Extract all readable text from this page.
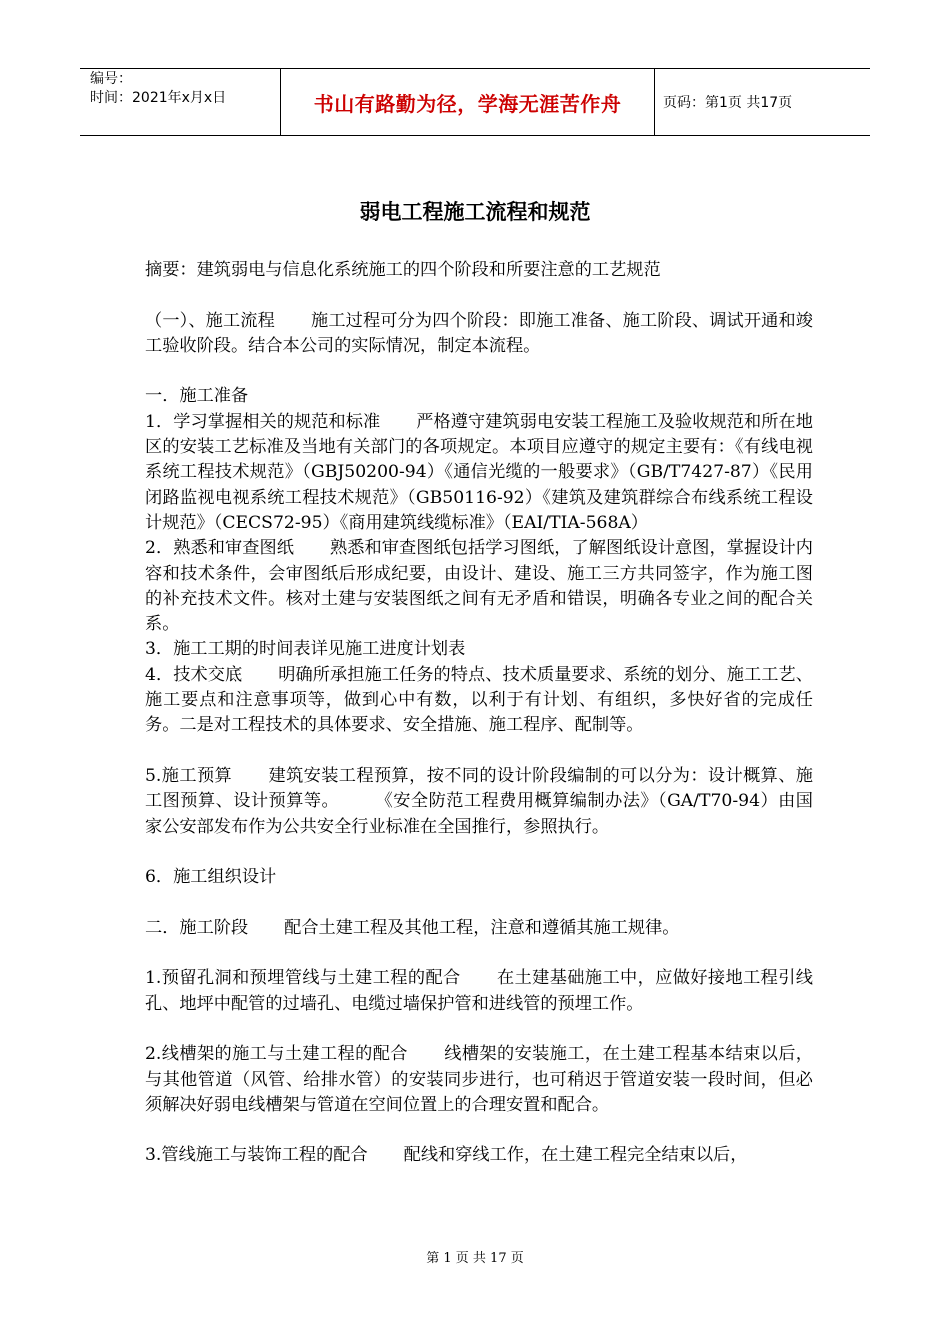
编号：
时间：2021年x月x日	书山有路勤为径，学海无涯苦作舟	页码：第1页 共17页
弱电工程施工流程和规范

摘要：建筑弱电与信息化系统施工的四个阶段和所要注意的工艺规范

（一）、施工流程 施工过程可分为四个阶段：即施工准备、施工阶段、调试开通和竣工验收阶段。结合本公司的实际情况，制定本流程。

一．施工准备

1．学习掌握相关的规范和标准 严格遵守建筑弱电安装工程施工及验收规范和所在地区的安装工艺标准及当地有关部门的各项规定。本项目应遵守的规定主要有：《有线电视系统工程技术规范》（GBJ50200-94）《通信光缆的一般要求》（GB/T7427-87）《民用闭路监视电视系统工程技术规范》（GB50116-92）《建筑及建筑群综合布线系统工程设计规范》（CECS72-95）《商用建筑线缆标准》（EAI/TIA-568A）

2．熟悉和审查图纸 熟悉和审查图纸包括学习图纸，了解图纸设计意图，掌握设计内容和技术条件，会审图纸后形成纪要，由设计、建设、施工三方共同签字，作为施工图的补充技术文件。核对土建与安装图纸之间有无矛盾和错误，明确各专业之间的配合关系。

3．施工工期的时间表详见施工进度计划表

4．技术交底 明确所承担施工任务的特点、技术质量要求、系统的划分、施工工艺、施工要点和注意事项等，做到心中有数，以利于有计划、有组织，多快好省的完成任务。二是对工程技术的具体要求、安全措施、施工程序、配制等。

5.施工预算 建筑安装工程预算，按不同的设计阶段编制的可以分为：设计概算、施工图预算、设计预算等。 《安全防范工程费用概算编制办法》（GA/T70-94）由国家公安部发布作为公共安全行业标准在全国推行，参照执行。

6．施工组织设计

二．施工阶段 配合土建工程及其他工程，注意和遵循其施工规律。

1.预留孔洞和预埋管线与土建工程的配合 在土建基础施工中，应做好接地工程引线孔、地坪中配管的过墙孔、电缆过墙保护管和进线管的预埋工作。

2.线槽架的施工与土建工程的配合 线槽架的安装施工，在土建工程基本结束以后，与其他管道（风管、给排水管）的安装同步进行，也可稍迟于管道安装一段时间，但必须解决好弱电线槽架与管道在空间位置上的合理安置和配合。

3.管线施工与装饰工程的配合 配线和穿线工作，在土建工程完全结束以后，

第 1 页 共 17 页
